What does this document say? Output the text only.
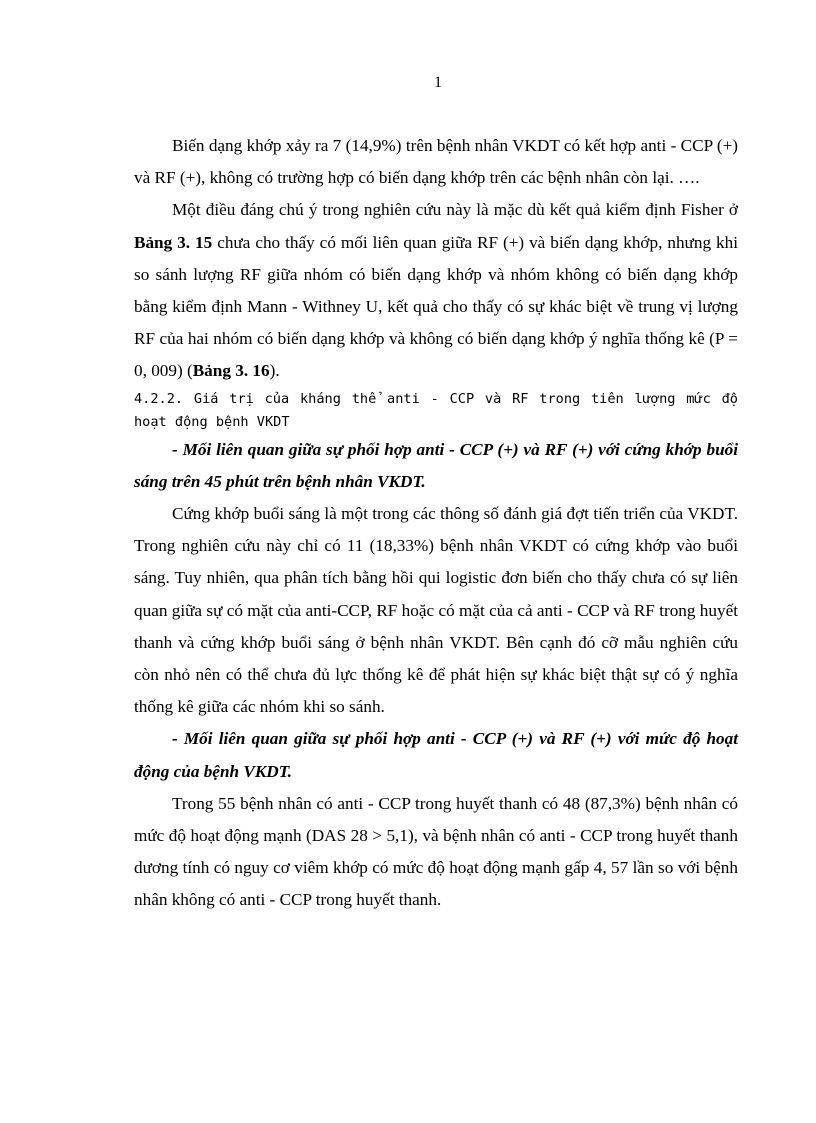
1

Biến dạng khớp xảy ra 7 (14,9%) trên bệnh nhân VKDT có kết hợp anti - CCP (+) và RF (+), không có trường hợp có biến dạng khớp trên các bệnh nhân còn lại. ….

Một điều đáng chú ý trong nghiên cứu này là mặc dù kết quả kiểm định Fisher ở Bảng 3. 15 chưa cho thấy có mối liên quan giữa RF (+) và biến dạng khớp, nhưng khi so sánh lượng RF giữa nhóm có biến dạng khớp và nhóm không có biến dạng khớp bằng kiểm định Mann - Withney U, kết quả cho thấy có sự khác biệt về trung vị lượng RF của hai nhóm có biến dạng khớp và không có biến dạng khớp ý nghĩa thống kê (P = 0, 009) (Bảng 3. 16).

4.2.2. Giá trị của kháng thể anti - CCP và RF trong tiên lượng mức độ hoạt động bệnh VKDT

- Mối liên quan giữa sự phối hợp anti - CCP (+) và RF (+) với cứng khớp buổi sáng trên 45 phút trên bệnh nhân VKDT.

Cứng khớp buổi sáng là một trong các thông số đánh giá đợt tiến triển của VKDT. Trong nghiên cứu này chỉ có 11 (18,33%) bệnh nhân VKDT có cứng khớp vào buổi sáng. Tuy nhiên, qua phân tích bằng hồi qui logistic đơn biến cho thấy chưa có sự liên quan giữa sự có mặt của anti-CCP, RF hoặc có mặt của cả anti - CCP và RF trong huyết thanh và cứng khớp buổi sáng ở bệnh nhân VKDT. Bên cạnh đó cỡ mẫu nghiên cứu còn nhỏ nên có thể chưa đủ lực thống kê để phát hiện sự khác biệt thật sự có ý nghĩa thống kê giữa các nhóm khi so sánh.

- Mối liên quan giữa sự phối hợp anti - CCP (+) và RF (+) với mức độ hoạt động của bệnh VKDT.

Trong 55 bệnh nhân có anti - CCP trong huyết thanh có 48 (87,3%) bệnh nhân có mức độ hoạt động mạnh (DAS 28 > 5,1), và bệnh nhân có anti - CCP trong huyết thanh dương tính có nguy cơ viêm khớp có mức độ hoạt động mạnh gấp 4, 57 lần so với bệnh nhân không có anti - CCP trong huyết thanh.
